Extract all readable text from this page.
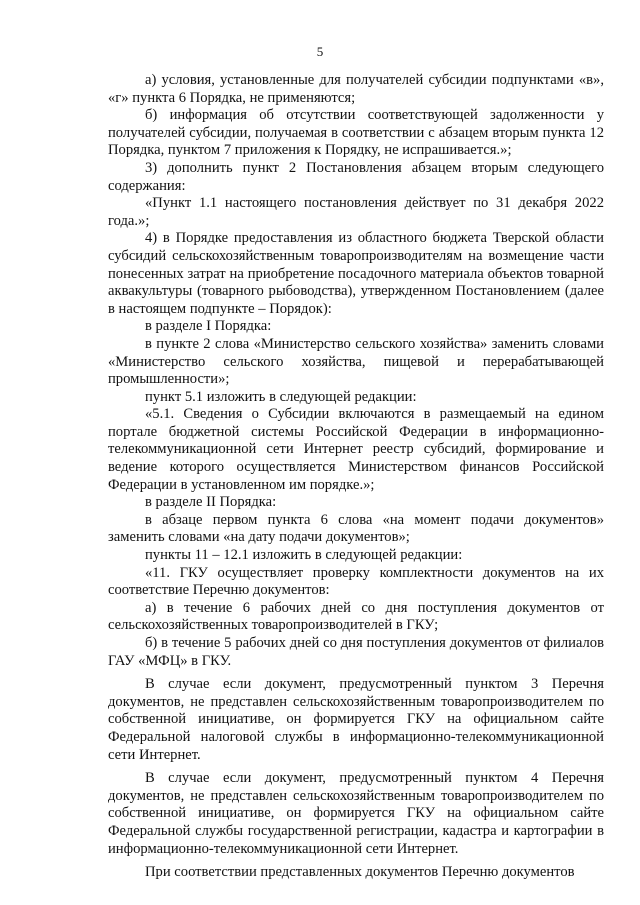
5

а) условия, установленные для получателей субсидии подпунктами «в», «г» пункта 6 Порядка, не применяются;

б) информация об отсутствии соответствующей задолженности у получателей субсидии, получаемая в соответствии с абзацем вторым пункта 12 Порядка, пунктом 7 приложения к Порядку, не испрашивается.»;

3) дополнить пункт 2 Постановления абзацем вторым следующего содержания:

«Пункт 1.1 настоящего постановления действует по 31 декабря 2022 года.»;

4) в Порядке предоставления из областного бюджета Тверской области субсидий сельскохозяйственным товаропроизводителям на возмещение части понесенных затрат на приобретение посадочного материала объектов товарной аквакультуры (товарного рыбоводства), утвержденном Постановлением (далее в настоящем подпункте – Порядок):

в разделе I Порядка:

в пункте 2 слова «Министерство сельского хозяйства» заменить словами «Министерство сельского хозяйства, пищевой и перерабатывающей промышленности»;

пункт 5.1 изложить в следующей редакции:

«5.1. Сведения о Субсидии включаются в размещаемый на едином портале бюджетной системы Российской Федерации в информационно-телекоммуникационной сети Интернет реестр субсидий, формирование и ведение которого осуществляется Министерством финансов Российской Федерации в установленном им порядке.»;

в разделе II Порядка:

в абзаце первом пункта 6 слова «на момент подачи документов» заменить словами «на дату подачи документов»;

пункты 11 – 12.1 изложить в следующей редакции:

«11. ГКУ осуществляет проверку комплектности документов на их соответствие Перечню документов:

а) в течение 6 рабочих дней со дня поступления документов от сельскохозяйственных товаропроизводителей в ГКУ;

б) в течение 5 рабочих дней со дня поступления документов от филиалов ГАУ «МФЦ» в ГКУ.

В случае если документ, предусмотренный пунктом 3 Перечня документов, не представлен сельскохозяйственным товаропроизводителем по собственной инициативе, он формируется ГКУ на официальном сайте Федеральной налоговой службы в информационно-телекоммуникационной сети Интернет.

В случае если документ, предусмотренный пунктом 4 Перечня документов, не представлен сельскохозяйственным товаропроизводителем по собственной инициативе, он формируется ГКУ на официальном сайте Федеральной службы государственной регистрации, кадастра и картографии в информационно-телекоммуникационной сети Интернет.

При соответствии представленных документов Перечню документов
